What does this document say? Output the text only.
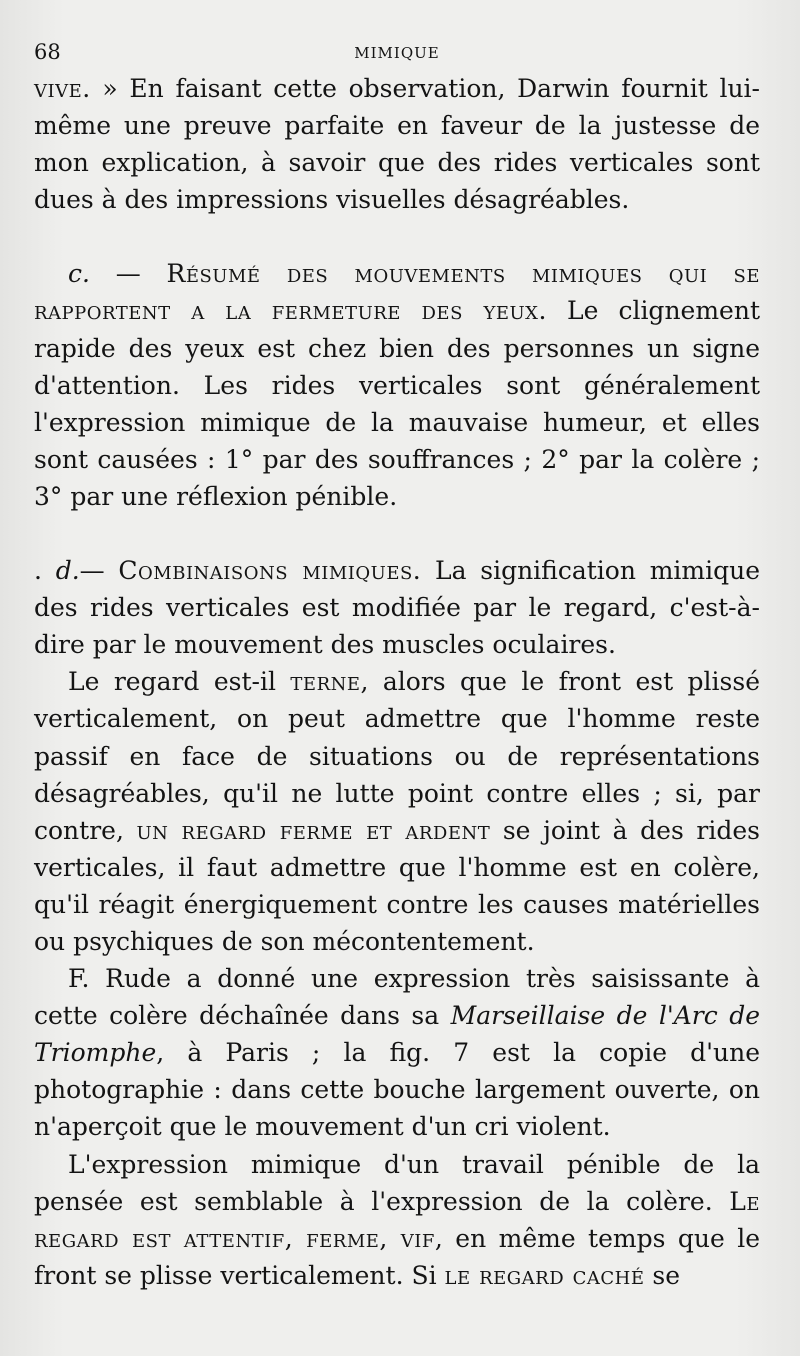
68	MIMIQUE

vive. » En faisant cette observation, Darwin fournit lui-même une preuve parfaite en faveur de la justesse de mon explication, à savoir que des rides verticales sont dues à des impressions visuelles désagréables.

c. — Résumé des mouvements mimiques qui se rapportent a la fermeture des yeux. Le clignement rapide des yeux est chez bien des personnes un signe d'attention. Les rides verticales sont généralement l'expression mimique de la mauvaise humeur, et elles sont causées : 1° par des souffrances ; 2° par la colère ; 3° par une réflexion pénible.

. d.— Combinaisons mimiques. La signification mimique des rides verticales est modifiée par le regard, c'est-à-dire par le mouvement des muscles oculaires.

Le regard est-il terne, alors que le front est plissé verticalement, on peut admettre que l'homme reste passif en face de situations ou de représentations désagréables, qu'il ne lutte point contre elles ; si, par contre, un regard ferme et ardent se joint à des rides verticales, il faut admettre que l'homme est en colère, qu'il réagit énergiquement contre les causes matérielles ou psychiques de son mécontentement.

F. Rude a donné une expression très saisissante à cette colère déchaînée dans sa Marseillaise de l'Arc de Triomphe, à Paris ; la fig. 7 est la copie d'une photographie : dans cette bouche largement ouverte, on n'aperçoit que le mouvement d'un cri violent.

L'expression mimique d'un travail pénible de la pensée est semblable à l'expression de la colère. Le regard est attentif, ferme, vif, en même temps que le front se plisse verticalement. Si le regard caché se
